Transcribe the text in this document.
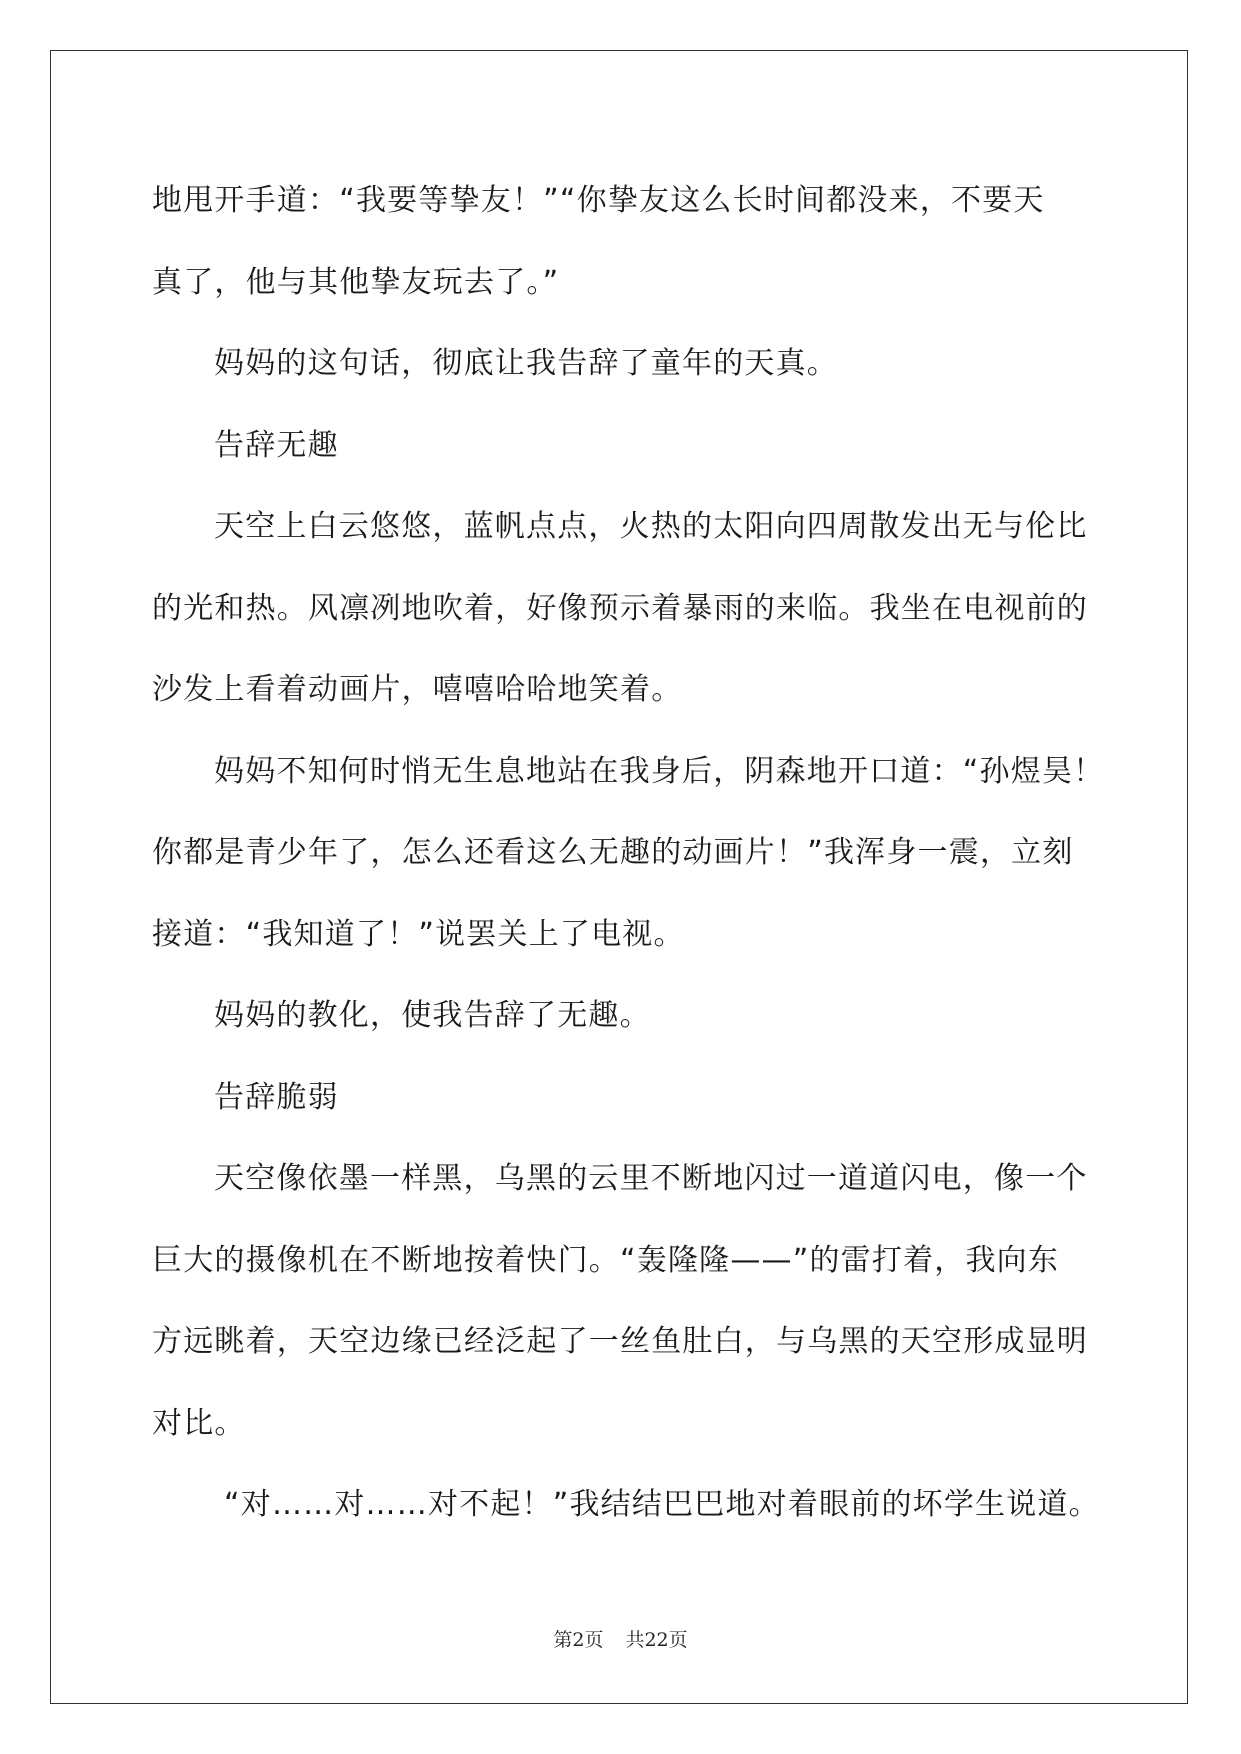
地甩开手道：“我要等挚友！”“你挚友这么长时间都没来，不要天
真了，他与其他挚友玩去了。”

妈妈的这句话，彻底让我告辞了童年的天真。

告辞无趣

天空上白云悠悠，蓝帆点点，火热的太阳向四周散发出无与伦比
的光和热。风凛冽地吹着，好像预示着暴雨的来临。我坐在电视前的
沙发上看着动画片，嘻嘻哈哈地笑着。

妈妈不知何时悄无生息地站在我身后，阴森地开口道：“孙煜昊！
你都是青少年了，怎么还看这么无趣的动画片！”我浑身一震，立刻
接道：“我知道了！”说罢关上了电视。

妈妈的教化，使我告辞了无趣。

告辞脆弱

天空像依墨一样黑，乌黑的云里不断地闪过一道道闪电，像一个
巨大的摄像机在不断地按着快门。“轰隆隆——”的雷打着，我向东
方远眺着，天空边缘已经泛起了一丝鱼肚白，与乌黑的天空形成显明
对比。

“对……对……对不起！”我结结巴巴地对着眼前的坏学生说道。

第2页 共22页
